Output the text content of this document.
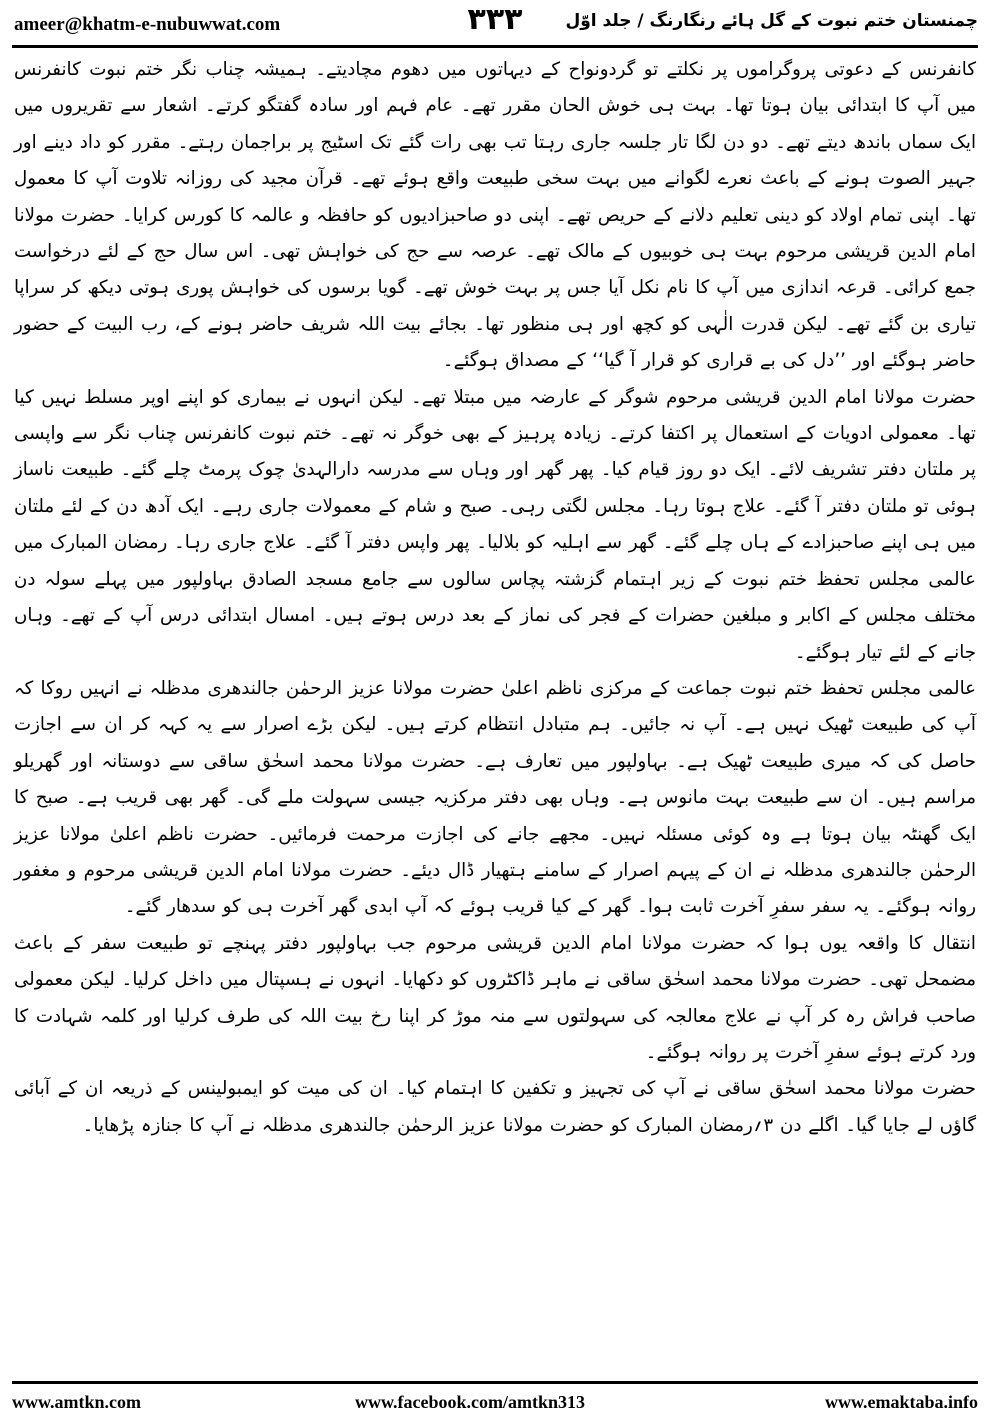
ameer@khatm-e-nubuwwat.com	۳۳۳	چمنستان ختم نبوت کے گل ہائے رنگارنگ / جلد اوّل

کانفرنس کے دعوتی پروگراموں پر نکلتے تو گردونواح کے دیہاتوں میں دھوم مچادیتے۔ ہمیشہ چناب نگر ختم نبوت کانفرنس میں آپ کا ابتدائی بیان ہوتا تھا۔ بہت ہی خوش الحان مقرر تھے۔ عام فہم اور سادہ گفتگو کرتے۔ اشعار سے تقریروں میں ایک سماں باندھ دیتے تھے۔ دو دن لگا تار جلسہ جاری رہتا تب بھی رات گئے تک اسٹیج پر براجمان رہتے۔ مقرر کو داد دینے اور جہیر الصوت ہونے کے باعث نعرے لگوانے میں بہت سخی طبیعت واقع ہوئے تھے۔ قرآن مجید کی روزانہ تلاوت آپ کا معمول تھا۔ اپنی تمام اولاد کو دینی تعلیم دلانے کے حریص تھے۔ اپنی دو صاحبزادیوں کو حافظہ و عالمہ کا کورس کرایا۔ حضرت مولانا امام الدین قریشی مرحوم بہت ہی خوبیوں کے مالک تھے۔ عرصہ سے حج کی خواہش تھی۔ اس سال حج کے لئے درخواست جمع کرائی۔ قرعہ اندازی میں آپ کا نام نکل آیا جس پر بہت خوش تھے۔ گویا برسوں کی خواہش پوری ہوتی دیکھ کر سراپا تیاری بن گئے تھے۔ لیکن قدرت الٰہی کو کچھ اور ہی منظور تھا۔ بجائے بیت اللہ شریف حاضر ہونے کے، رب البیت کے حضور حاضر ہوگئے اور ’’دل کی بے قراری کو قرار آ گیا‘‘ کے مصداق ہوگئے۔

حضرت مولانا امام الدین قریشی مرحوم شوگر کے عارضہ میں مبتلا تھے۔ لیکن انہوں نے بیماری کو اپنے اوپر مسلط نہیں کیا تھا۔ معمولی ادویات کے استعمال پر اکتفا کرتے۔ زیادہ پرہیز کے بھی خوگر نہ تھے۔ ختم نبوت کانفرنس چناب نگر سے واپسی پر ملتان دفتر تشریف لائے۔ ایک دو روز قیام کیا۔ پھر گھر اور وہاں سے مدرسہ دارالہدیٰ چوک پرمٹ چلے گئے۔ طبیعت ناساز ہوئی تو ملتان دفتر آ گئے۔ علاج ہوتا رہا۔ مجلس لگتی رہی۔ صبح و شام کے معمولات جاری رہے۔ ایک آدھ دن کے لئے ملتان میں ہی اپنے صاحبزادے کے ہاں چلے گئے۔ گھر سے اہلیہ کو بلالیا۔ پھر واپس دفتر آ گئے۔ علاج جاری رہا۔ رمضان المبارک میں عالمی مجلس تحفظ ختم نبوت کے زیر اہتمام گزشتہ پچاس سالوں سے جامع مسجد الصادق بہاولپور میں پہلے سولہ دن مختلف مجلس کے اکابر و مبلغین حضرات کے فجر کی نماز کے بعد درس ہوتے ہیں۔ امسال ابتدائی درس آپ کے تھے۔ وہاں جانے کے لئے تیار ہوگئے۔

عالمی مجلس تحفظ ختم نبوت جماعت کے مرکزی ناظم اعلیٰ حضرت مولانا عزیز الرحمٰن جالندھری مدظلہ نے انہیں روکا کہ آپ کی طبیعت ٹھیک نہیں ہے۔ آپ نہ جائیں۔ ہم متبادل انتظام کرتے ہیں۔ لیکن بڑے اصرار سے یہ کہہ کر ان سے اجازت حاصل کی کہ میری طبیعت ٹھیک ہے۔ بہاولپور میں تعارف ہے۔ حضرت مولانا محمد اسحٰق ساقی سے دوستانہ اور گھریلو مراسم ہیں۔ ان سے طبیعت بہت مانوس ہے۔ وہاں بھی دفتر مرکزیہ جیسی سہولت ملے گی۔ گھر بھی قریب ہے۔ صبح کا ایک گھنٹہ بیان ہوتا ہے وہ کوئی مسئلہ نہیں۔ مجھے جانے کی اجازت مرحمت فرمائیں۔ حضرت ناظم اعلیٰ مولانا عزیز الرحمٰن جالندھری مدظلہ نے ان کے پیہم اصرار کے سامنے ہتھیار ڈال دیئے۔ حضرت مولانا امام الدین قریشی مرحوم و مغفور روانہ ہوگئے۔ یہ سفر سفرِ آخرت ثابت ہوا۔ گھر کے کیا قریب ہوئے کہ آپ ابدی گھر آخرت ہی کو سدھار گئے۔

انتقال کا واقعہ یوں ہوا کہ حضرت مولانا امام الدین قریشی مرحوم جب بہاولپور دفتر پہنچے تو طبیعت سفر کے باعث مضمحل تھی۔ حضرت مولانا محمد اسحٰق ساقی نے ماہر ڈاکٹروں کو دکھایا۔ انہوں نے ہسپتال میں داخل کرلیا۔ لیکن معمولی صاحب فراش رہ کر آپ نے علاج معالجہ کی سہولتوں سے منہ موڑ کر اپنا رخ بیت اللہ کی طرف کرلیا اور کلمہ شہادت کا ورد کرتے ہوئے سفرِ آخرت پر روانہ ہوگئے۔

حضرت مولانا محمد اسحٰق ساقی نے آپ کی تجہیز و تکفین کا اہتمام کیا۔ ان کی میت کو ایمبولینس کے ذریعہ ان کے آبائی گاؤں لے جایا گیا۔ اگلے دن ۳؍رمضان المبارک کو حضرت مولانا عزیز الرحمٰن جالندھری مدظلہ نے آپ کا جنازہ پڑھایا۔

www.amtkn.com	www.facebook.com/amtkn313	www.emaktaba.info
